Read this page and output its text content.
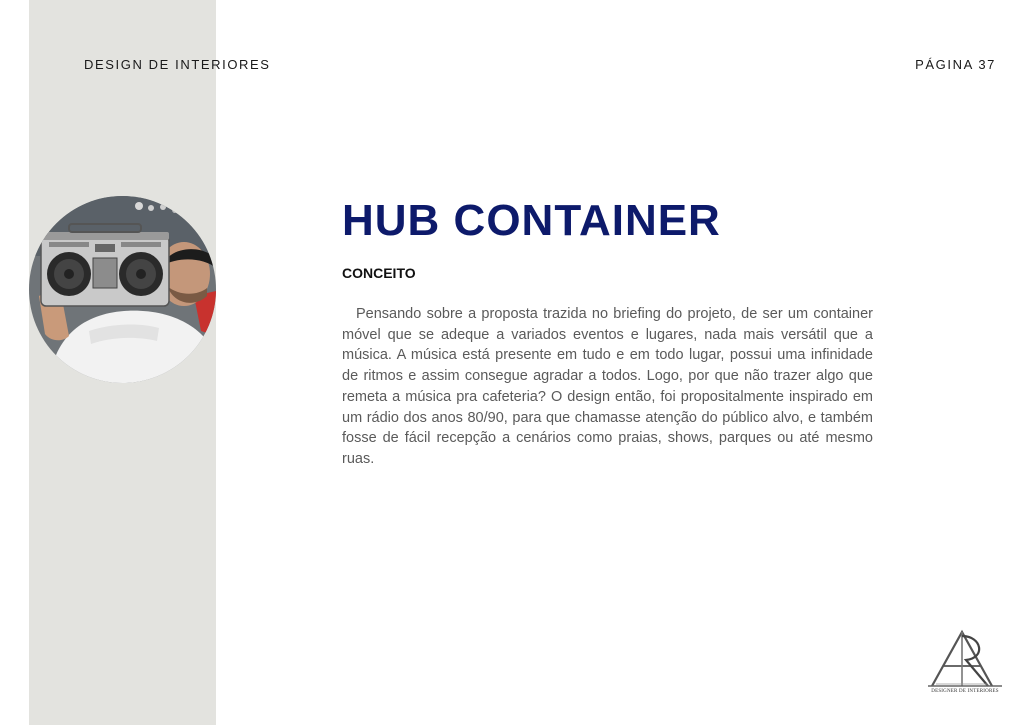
DESIGN DE INTERIORES	PÁGINA 37
HUB CONTAINER
CONCEITO

Pensando sobre a proposta trazida no briefing do projeto, de ser um container móvel que se adeque a variados eventos e lugares, nada mais versátil que a música. A música está presente em tudo e em todo lugar, possui uma infinidade de ritmos e assim consegue agradar a todos. Logo, por que não trazer algo que remeta a música pra cafeteria? O design então, foi propositalmente inspirado em um rádio dos anos 80/90, para que chamasse atenção do público alvo, e também fosse de fácil recepção a cenários como praias, shows, parques ou até mesmo ruas.

DESIGNER DE INTERIORES
